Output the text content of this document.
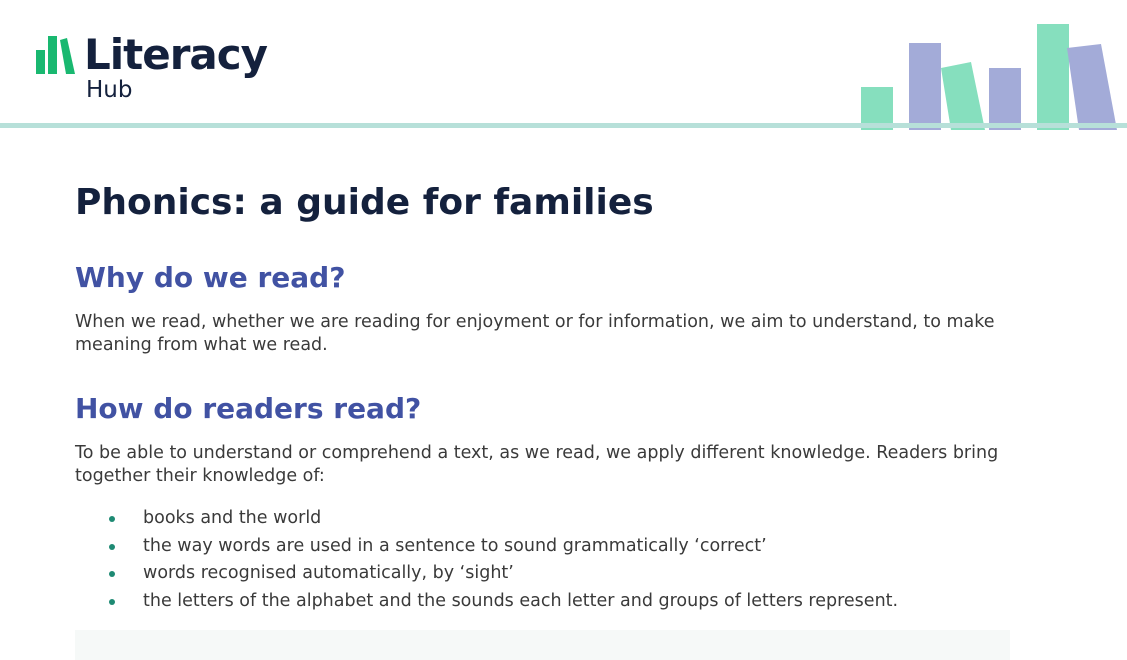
Literacy
Hub
Phonics: a guide for families
Why do we read?

When we read, whether we are reading for enjoyment or for information, we aim to understand, to make meaning from what we read.

How do readers read?

To be able to understand or comprehend a text, as we read, we apply different knowledge. Readers bring together their knowledge of:

books and the world
the way words are used in a sentence to sound grammatically ‘correct’
words recognised automatically, by ‘sight’
the letters of the alphabet and the sounds each letter and groups of letters represent.
